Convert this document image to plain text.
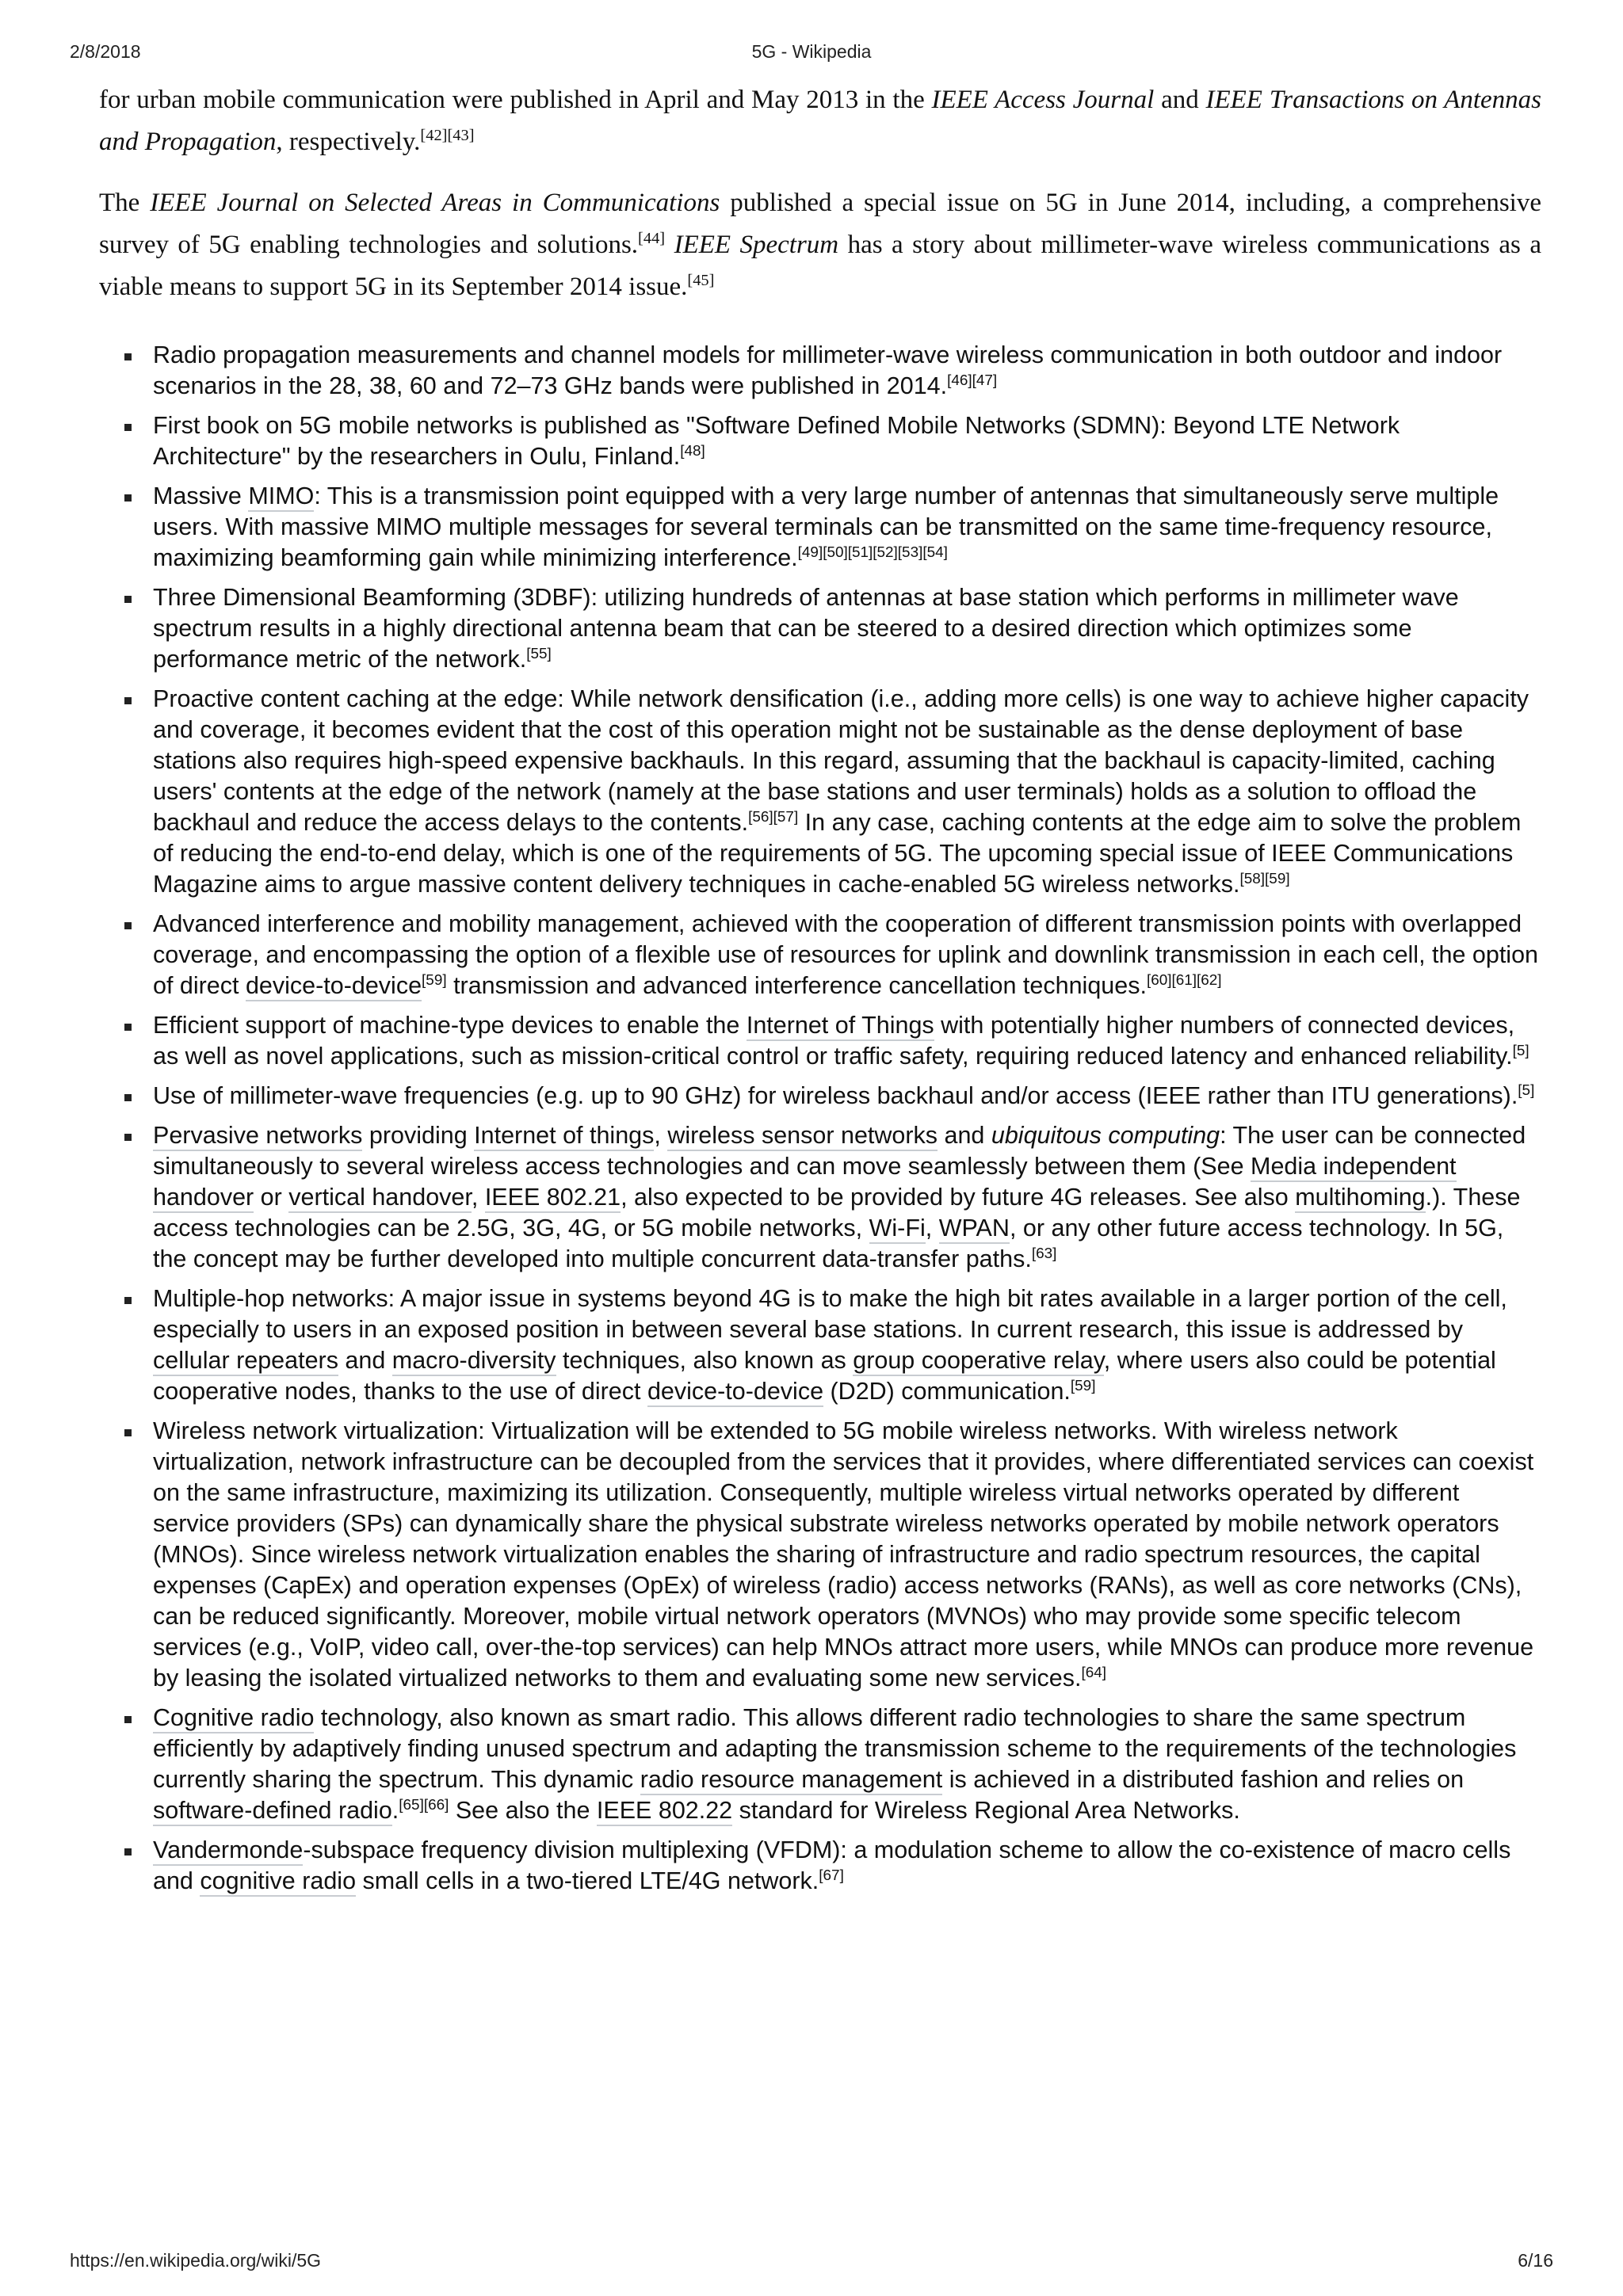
2/8/2018	5G - Wikipedia

for urban mobile communication were published in April and May 2013 in the IEEE Access Journal and IEEE Transactions on Antennas and Propagation, respectively.[42][43]

The IEEE Journal on Selected Areas in Communications published a special issue on 5G in June 2014, including, a comprehensive survey of 5G enabling technologies and solutions.[44] IEEE Spectrum has a story about millimeter-wave wireless communications as a viable means to support 5G in its September 2014 issue.[45]

Radio propagation measurements and channel models for millimeter-wave wireless communication in both outdoor and indoor scenarios in the 28, 38, 60 and 72–73 GHz bands were published in 2014.[46][47]
First book on 5G mobile networks is published as "Software Defined Mobile Networks (SDMN): Beyond LTE Network Architecture" by the researchers in Oulu, Finland.[48]
Massive MIMO: This is a transmission point equipped with a very large number of antennas that simultaneously serve multiple users. With massive MIMO multiple messages for several terminals can be transmitted on the same time-frequency resource, maximizing beamforming gain while minimizing interference.[49][50][51][52][53][54]
Three Dimensional Beamforming (3DBF): utilizing hundreds of antennas at base station which performs in millimeter wave spectrum results in a highly directional antenna beam that can be steered to a desired direction which optimizes some performance metric of the network.[55]
Proactive content caching at the edge: While network densification (i.e., adding more cells) is one way to achieve higher capacity and coverage, it becomes evident that the cost of this operation might not be sustainable as the dense deployment of base stations also requires high-speed expensive backhauls. In this regard, assuming that the backhaul is capacity-limited, caching users' contents at the edge of the network (namely at the base stations and user terminals) holds as a solution to offload the backhaul and reduce the access delays to the contents.[56][57] In any case, caching contents at the edge aim to solve the problem of reducing the end-to-end delay, which is one of the requirements of 5G. The upcoming special issue of IEEE Communications Magazine aims to argue massive content delivery techniques in cache-enabled 5G wireless networks.[58][59]
Advanced interference and mobility management, achieved with the cooperation of different transmission points with overlapped coverage, and encompassing the option of a flexible use of resources for uplink and downlink transmission in each cell, the option of direct device-to-device[59] transmission and advanced interference cancellation techniques.[60][61][62]
Efficient support of machine-type devices to enable the Internet of Things with potentially higher numbers of connected devices, as well as novel applications, such as mission-critical control or traffic safety, requiring reduced latency and enhanced reliability.[5]
Use of millimeter-wave frequencies (e.g. up to 90 GHz) for wireless backhaul and/or access (IEEE rather than ITU generations).[5]
Pervasive networks providing Internet of things, wireless sensor networks and ubiquitous computing: The user can be connected simultaneously to several wireless access technologies and can move seamlessly between them (See Media independent handover or vertical handover, IEEE 802.21, also expected to be provided by future 4G releases. See also multihoming.). These access technologies can be 2.5G, 3G, 4G, or 5G mobile networks, Wi-Fi, WPAN, or any other future access technology. In 5G, the concept may be further developed into multiple concurrent data-transfer paths.[63]
Multiple-hop networks: A major issue in systems beyond 4G is to make the high bit rates available in a larger portion of the cell, especially to users in an exposed position in between several base stations. In current research, this issue is addressed by cellular repeaters and macro-diversity techniques, also known as group cooperative relay, where users also could be potential cooperative nodes, thanks to the use of direct device-to-device (D2D) communication.[59]
Wireless network virtualization: Virtualization will be extended to 5G mobile wireless networks. With wireless network virtualization, network infrastructure can be decoupled from the services that it provides, where differentiated services can coexist on the same infrastructure, maximizing its utilization. Consequently, multiple wireless virtual networks operated by different service providers (SPs) can dynamically share the physical substrate wireless networks operated by mobile network operators (MNOs). Since wireless network virtualization enables the sharing of infrastructure and radio spectrum resources, the capital expenses (CapEx) and operation expenses (OpEx) of wireless (radio) access networks (RANs), as well as core networks (CNs), can be reduced significantly. Moreover, mobile virtual network operators (MVNOs) who may provide some specific telecom services (e.g., VoIP, video call, over-the-top services) can help MNOs attract more users, while MNOs can produce more revenue by leasing the isolated virtualized networks to them and evaluating some new services.[64]
Cognitive radio technology, also known as smart radio. This allows different radio technologies to share the same spectrum efficiently by adaptively finding unused spectrum and adapting the transmission scheme to the requirements of the technologies currently sharing the spectrum. This dynamic radio resource management is achieved in a distributed fashion and relies on software-defined radio.[65][66] See also the IEEE 802.22 standard for Wireless Regional Area Networks.
Vandermonde-subspace frequency division multiplexing (VFDM): a modulation scheme to allow the co-existence of macro cells and cognitive radio small cells in a two-tiered LTE/4G network.[67]
https://en.wikipedia.org/wiki/5G	6/16
